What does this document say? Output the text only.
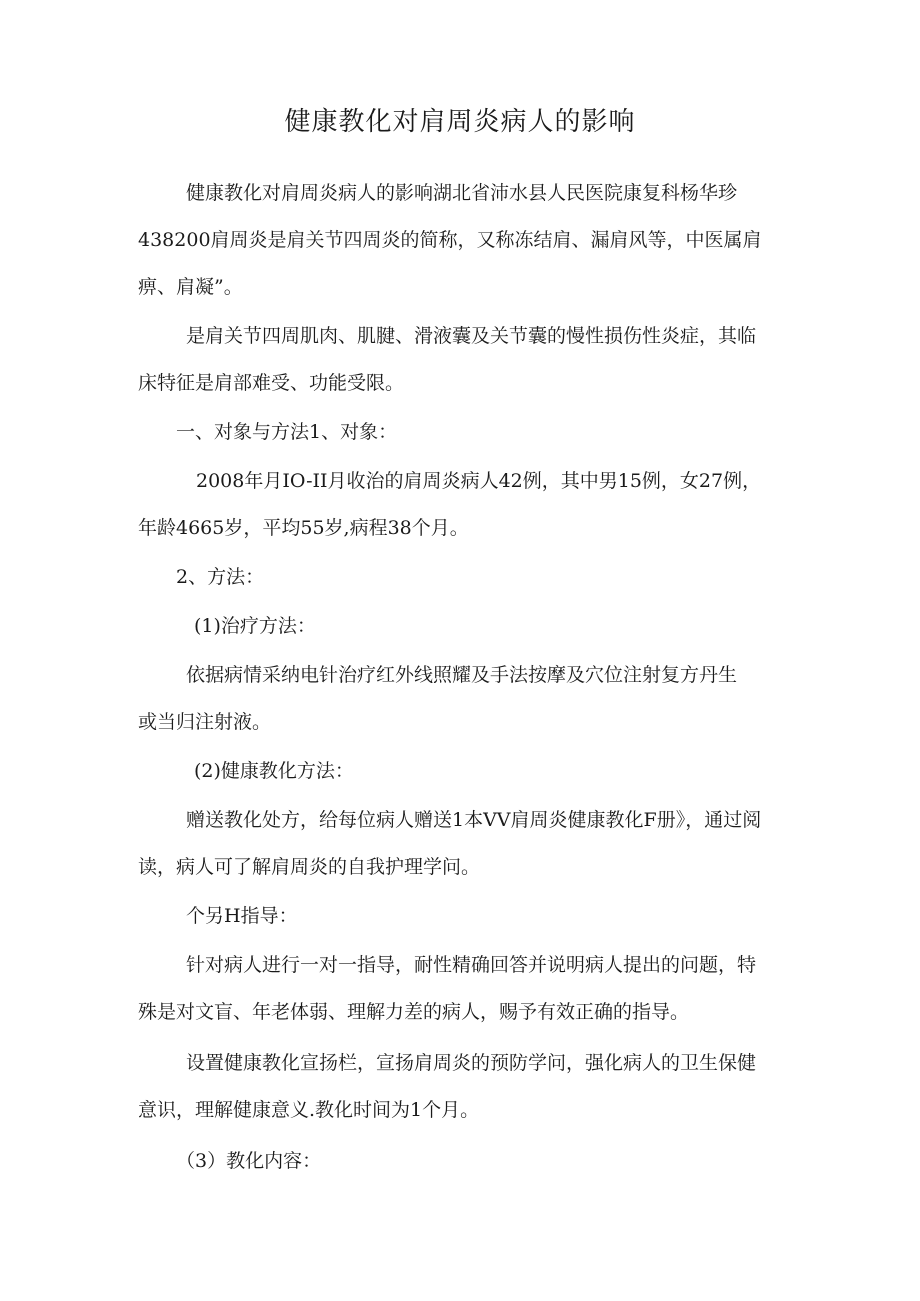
健康教化对肩周炎病人的影响

健康教化对肩周炎病人的影响湖北省沛水县人民医院康复科杨华珍

438200肩周炎是肩关节四周炎的简称，又称冻结肩、漏肩风等，中医属肩

痹、肩凝”。

是肩关节四周肌肉、肌腱、滑液囊及关节囊的慢性损伤性炎症，其临

床特征是肩部难受、功能受限。

一、对象与方法1、对象：

2008年月IO-II月收治的肩周炎病人42例，其中男15例，女27例，

年龄4665岁，平均55岁,病程38个月。

2、方法：

(1)治疗方法：

依据病情采纳电针治疗红外线照耀及手法按摩及穴位注射复方丹生

或当归注射液。

(2)健康教化方法：

赠送教化处方，给每位病人赠送1本VV肩周炎健康教化F册》，通过阅

读，病人可了解肩周炎的自我护理学问。

个另H指导：

针对病人进行一对一指导，耐性精确回答并说明病人提出的问题，特

殊是对文盲、年老体弱、理解力差的病人，赐予有效正确的指导。

设置健康教化宣扬栏，宣扬肩周炎的预防学问，强化病人的卫生保健

意识，理解健康意义.教化时间为1个月。

（3）教化内容：
